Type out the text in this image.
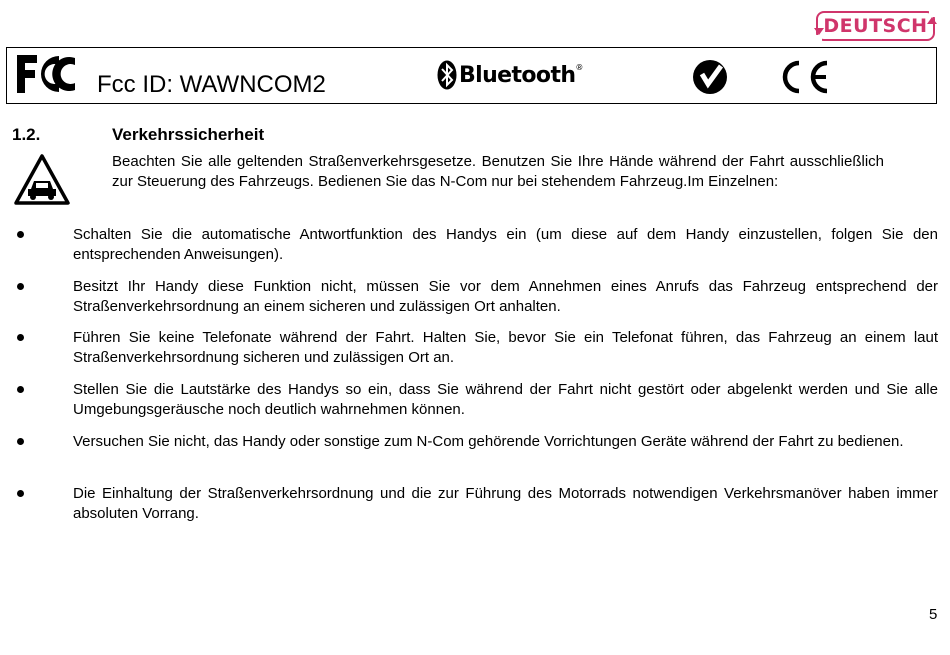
DEUTSCH
Fcc ID: WAWNCOM2	Bluetooth®
1.2.	Verkehrssicherheit
Beachten Sie alle geltenden Straßenverkehrsgesetze. Benutzen Sie Ihre Hände während der Fahrt ausschließlich zur Steuerung des Fahrzeugs. Bedienen Sie das N-Com nur bei stehendem Fahrzeug.Im Einzelnen:
Schalten Sie die automatische Antwortfunktion des Handys ein (um diese auf dem Handy einzustellen, folgen Sie den entsprechenden Anweisungen).
Besitzt Ihr Handy diese Funktion nicht, müssen Sie vor dem Annehmen eines Anrufs das Fahrzeug entsprechend der Straßenverkehrsordnung an einem sicheren und zulässigen Ort anhalten.
Führen Sie keine Telefonate während der Fahrt. Halten Sie, bevor Sie ein Telefonat führen, das Fahrzeug an einem laut Straßenverkehrsordnung sicheren und zulässigen Ort an.
Stellen Sie die Lautstärke des Handys so ein, dass Sie während der Fahrt nicht gestört oder abgelenkt werden und Sie alle Umgebungsgeräusche noch deutlich wahrnehmen können.
Versuchen Sie nicht, das Handy oder sonstige zum N-Com gehörende Vorrichtungen Geräte während der Fahrt zu bedienen.
Die Einhaltung der Straßenverkehrsordnung und die zur Führung des Motorrads notwendigen Verkehrsmanöver haben immer absoluten Vorrang.
5
